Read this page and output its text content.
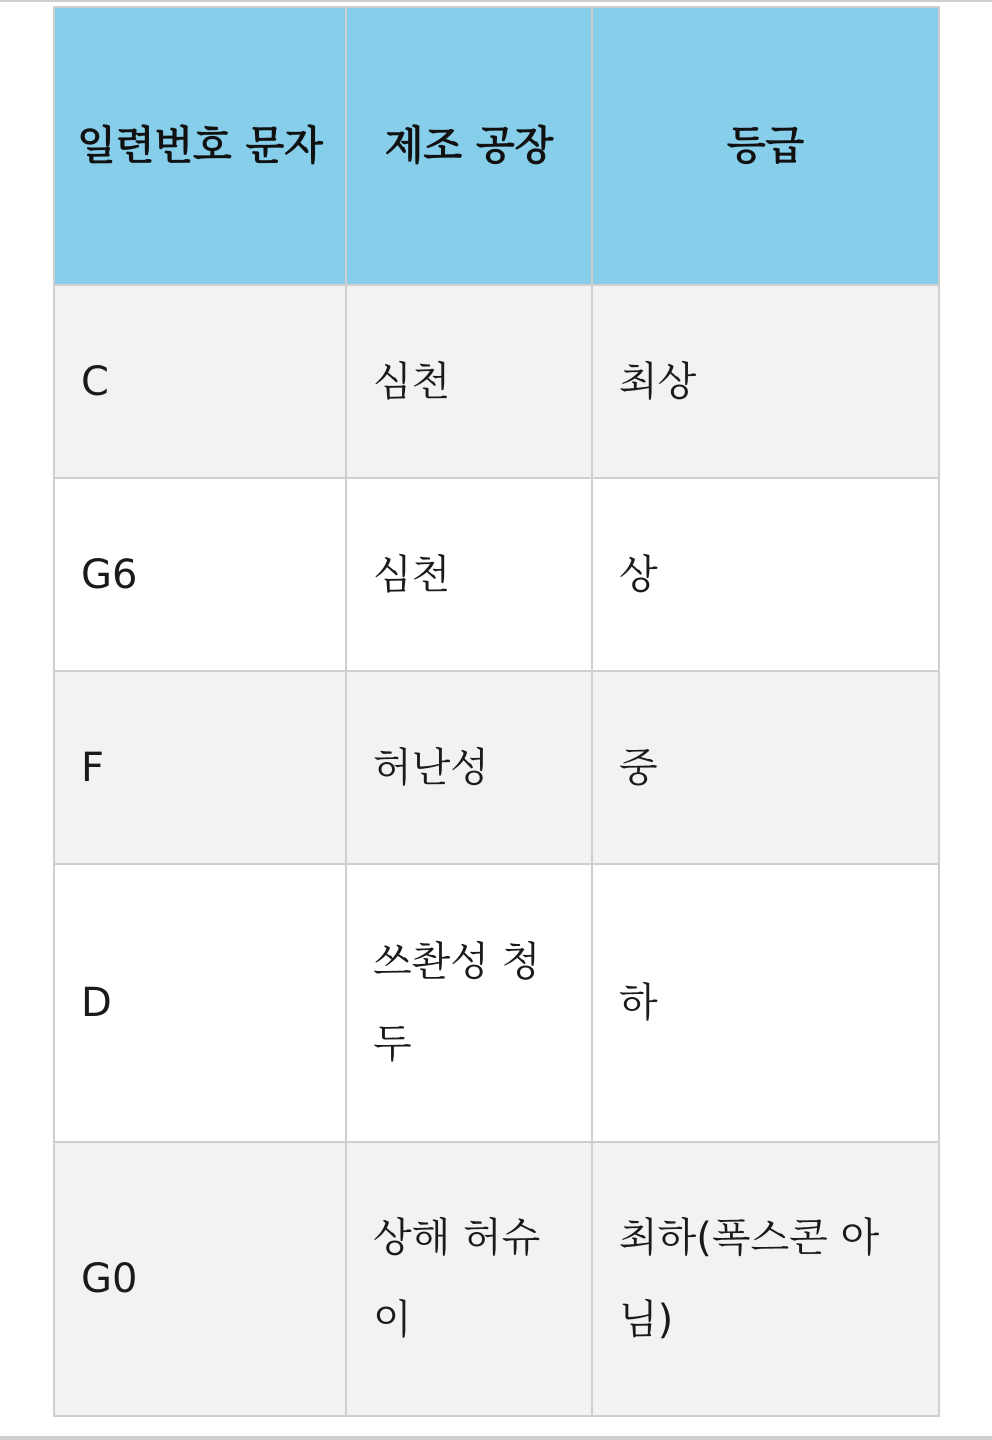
일련번호 문자	제조 공장	등급
C	심천	최상
G6	심천	상
F	허난성	중
D	쓰촨성 청두	하
G0	상해 허슈이	최하(폭스콘 아님)
